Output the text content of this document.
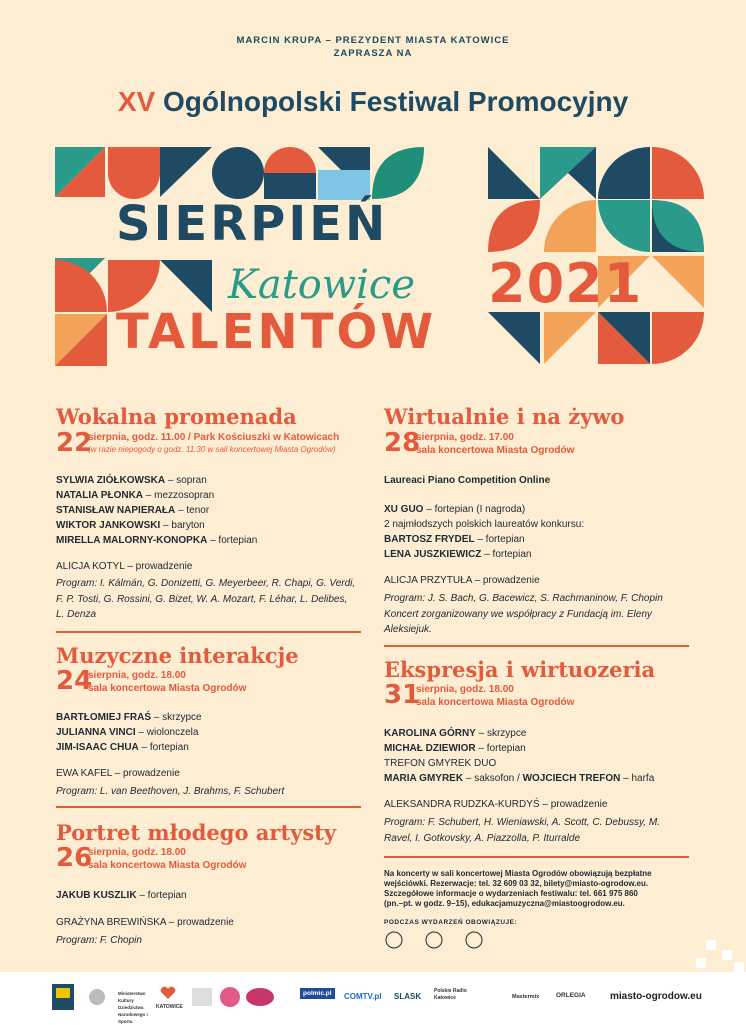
MARCIN KRUPA – PREZYDENT MIASTA KATOWICE

ZAPRASZA NA

XV Ogólnopolski Festiwal Promocyjny

SIERPIEŃ

Katowice 2021

TALENTÓW

Wokalna promenada

22

sierpnia, godz. 11.00 / Park Kościuszki w Katowicach

(w razie niepogody o godz. 11.30 w sali koncertowej Miasta Ogrodów)

SYLWIA ZIÓŁKOWSKA – sopran

NATALIA PŁONKA – mezzosopran

STANISŁAW NAPIERAŁA – tenor

WIKTOR JANKOWSKI – baryton

MIRELLA MALORNY-KONOPKA – fortepian

ALICJA KOTYL – prowadzenie

Program: I. Kálmán, G. Donizetti, G. Meyerbeer, R. Chapi, G. Verdi, F. P. Tosti, G. Rossini, G. Bizet, W. A. Mozart, F. Léhar, L. Delibes, L. Denza

Muzyczne interakcje

24

sierpnia, godz. 18.00

sala koncertowa Miasta Ogrodów

BARTŁOMIEJ FRAŚ – skrzypce

JULIANNA VINCI – wiolonczela

JIM-ISAAC CHUA – fortepian

EWA KAFEL – prowadzenie

Program: L. van Beethoven, J. Brahms, F. Schubert

Portret młodego artysty

26

sierpnia, godz. 18.00

sala koncertowa Miasta Ogrodów

JAKUB KUSZLIK – fortepian

GRAŻYNA BREWIŃSKA – prowadzenie

Program: F. Chopin

Wirtualnie i na żywo

28

sierpnia, godz. 17.00

sala koncertowa Miasta Ogrodów

Laureaci Piano Competition Online

XU GUO – fortepian (I nagroda)

2 najmłodszych polskich laureatów konkursu:

BARTOSZ FRYDEL – fortepian

LENA JUSZKIEWICZ – fortepian

ALICJA PRZYTUŁA – prowadzenie

Program: J. S. Bach, G. Bacewicz, S. Rachmaninow, F. Chopin Koncert zorganizowany we współpracy z Fundacją im. Eleny Aleksiejuk.

Ekspresja i wirtuozeria

31

sierpnia, godz. 18.00

sala koncertowa Miasta Ogrodów

KAROLINA GÓRNY – skrzypce

MICHAŁ DZIEWIOR – fortepian

TREFON GMYREK DUO

MARIA GMYREK – saksofon / WOJCIECH TREFON – harfa

ALEKSANDRA RUDZKA-KURDYŚ – prowadzenie

Program: F. Schubert, H. Wieniawski, A. Scott, C. Debussy, M. Ravel, I. Gotkovsky, A. Piazzolla, P. Iturralde

Na koncerty w sali koncertowej Miasta Ogrodów obowiązują bezpłatne

wejściówki. Rezerwacje: tel. 32 609 03 32, bilety@miasto-ogrodow.eu.

Szczegółowe informacje o wydarzeniach festiwalu: tel. 661 975 860

(pn.–pt. w godz. 9–15), edukacjamuzyczna@miastoogrodow.eu.

PODCZAS WYDARZEŃ OBOWIĄZUJE:

Ministerstwo Kultury Dziedzictwa Narodowego i Sportu
KATOWICE
polmic.pl	COMTV.pl SLASK
Polskie Radio Katowice	Mastermix	ORLEGIA miasto-ogrodow.eu
